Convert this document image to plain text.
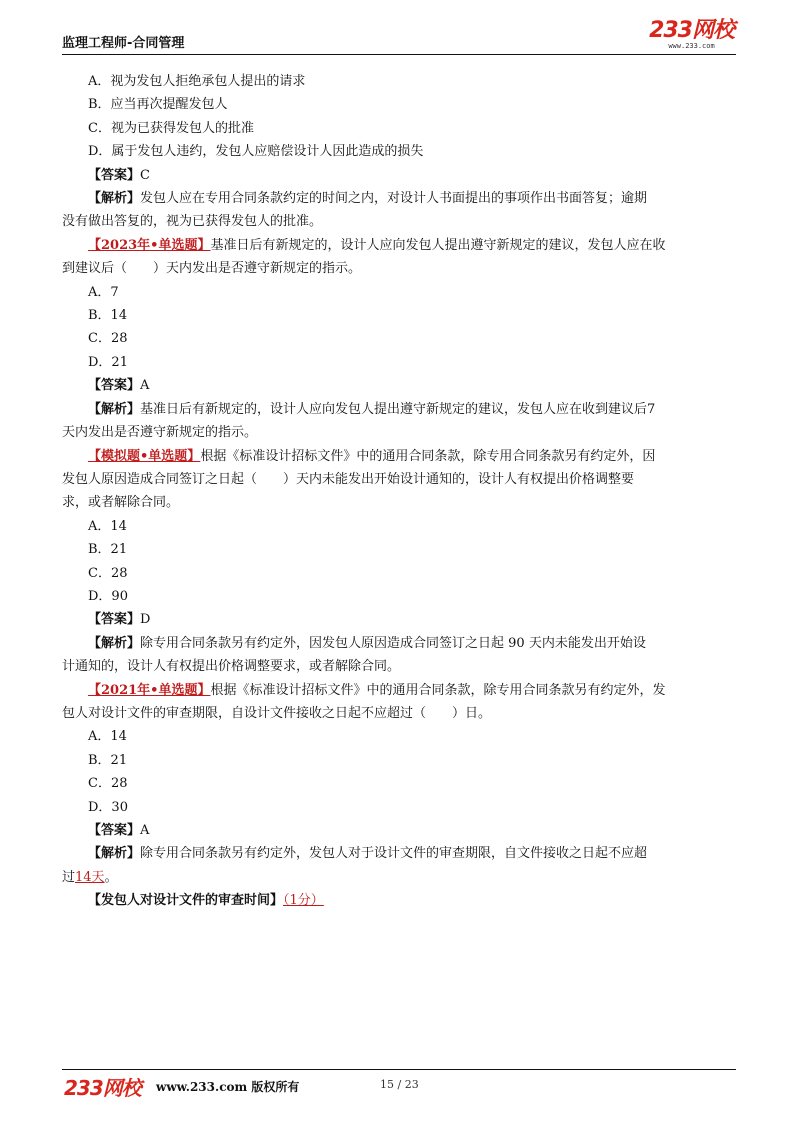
监理工程师-合同管理
233网校
www.233.com
A．视为发包人拒绝承包人提出的请求
B．应当再次提醒发包人
C．视为已获得发包人的批准
D．属于发包人违约，发包人应赔偿设计人因此造成的损失
【答案】C
【解析】发包人应在专用合同条款约定的时间之内，对设计人书面提出的事项作出书面答复；逾期
没有做出答复的，视为已获得发包人的批准。
【2023年•单选题】基准日后有新规定的，设计人应向发包人提出遵守新规定的建议，发包人应在收
到建议后（　　）天内发出是否遵守新规定的指示。
A．7
B．14
C．28
D．21
【答案】A
【解析】基准日后有新规定的，设计人应向发包人提出遵守新规定的建议，发包人应在收到建议后7
天内发出是否遵守新规定的指示。
【模拟题•单选题】根据《标准设计招标文件》中的通用合同条款，除专用合同条款另有约定外，因
发包人原因造成合同签订之日起（　　）天内未能发出开始设计通知的，设计人有权提出价格调整要
求，或者解除合同。
A．14
B．21
C．28
D．90
【答案】D
【解析】除专用合同条款另有约定外，因发包人原因造成合同签订之日起 90 天内未能发出开始设
计通知的，设计人有权提出价格调整要求，或者解除合同。
【2021年•单选题】根据《标准设计招标文件》中的通用合同条款，除专用合同条款另有约定外，发
包人对设计文件的审查期限，自设计文件接收之日起不应超过（　　）日。
A．14
B．21
C．28
D．30
【答案】A
【解析】除专用合同条款另有约定外，发包人对于设计文件的审查期限，自文件接收之日起不应超
过14天。
【发包人对设计文件的审查时间】（1分）
233网校 www.233.com 版权所有	15 / 23
